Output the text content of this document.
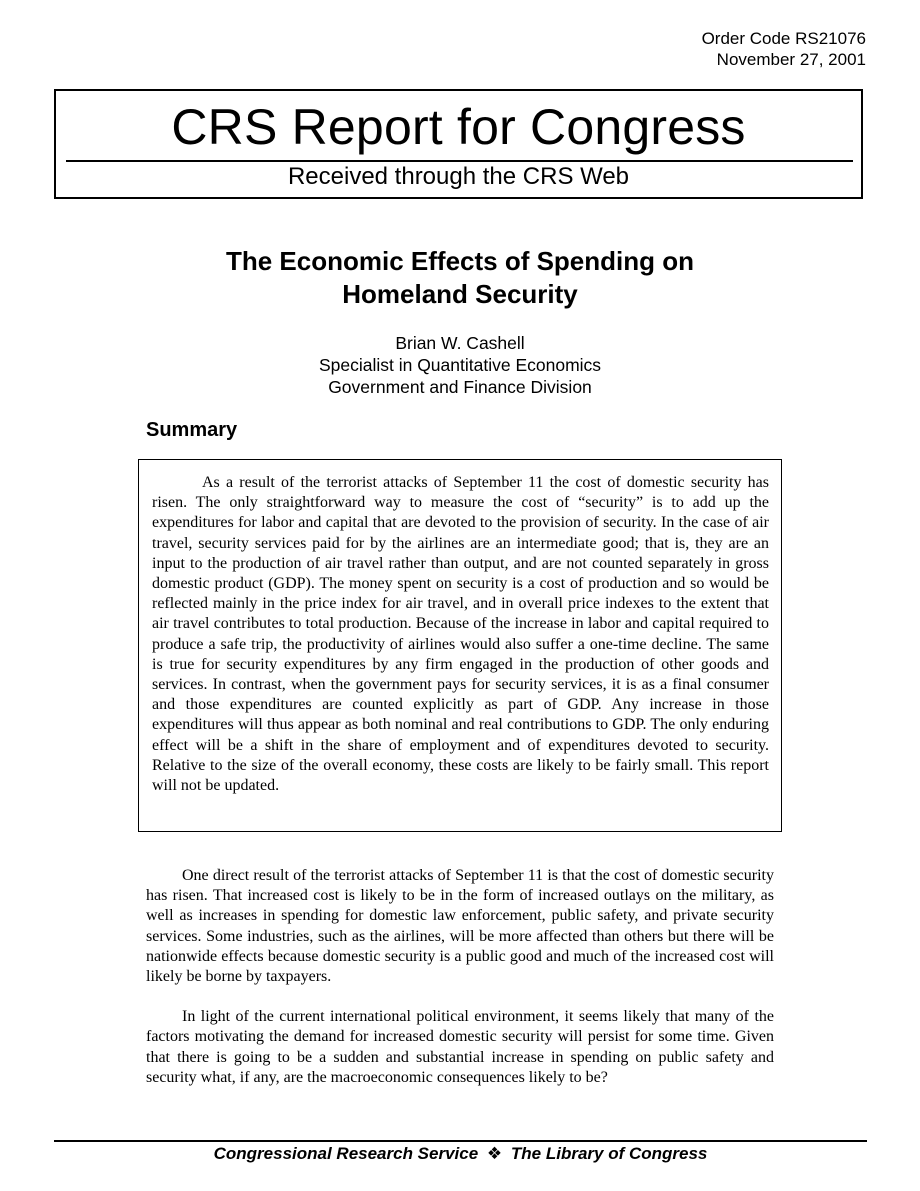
Order Code RS21076
November 27, 2001
CRS Report for Congress
Received through the CRS Web
The Economic Effects of Spending on
Homeland Security
Brian W. Cashell
Specialist in Quantitative Economics
Government and Finance Division
Summary

As a result of the terrorist attacks of September 11 the cost of domestic security has risen. The only straightforward way to measure the cost of “security” is to add up the expenditures for labor and capital that are devoted to the provision of security. In the case of air travel, security services paid for by the airlines are an intermediate good; that is, they are an input to the production of air travel rather than output, and are not counted separately in gross domestic product (GDP). The money spent on security is a cost of production and so would be reflected mainly in the price index for air travel, and in overall price indexes to the extent that air travel contributes to total production. Because of the increase in labor and capital required to produce a safe trip, the productivity of airlines would also suffer a one-time decline. The same is true for security expenditures by any firm engaged in the production of other goods and services. In contrast, when the government pays for security services, it is as a final consumer and those expenditures are counted explicitly as part of GDP. Any increase in those expenditures will thus appear as both nominal and real contributions to GDP. The only enduring effect will be a shift in the share of employment and of expenditures devoted to security. Relative to the size of the overall economy, these costs are likely to be fairly small. This report will not be updated.

One direct result of the terrorist attacks of September 11 is that the cost of domestic security has risen. That increased cost is likely to be in the form of increased outlays on the military, as well as increases in spending for domestic law enforcement, public safety, and private security services. Some industries, such as the airlines, will be more affected than others but there will be nationwide effects because domestic security is a public good and much of the increased cost will likely be borne by taxpayers.

In light of the current international political environment, it seems likely that many of the factors motivating the demand for increased domestic security will persist for some time. Given that there is going to be a sudden and substantial increase in spending on public safety and security what, if any, are the macroeconomic consequences likely to be?

Congressional Research Service ❖ The Library of Congress
